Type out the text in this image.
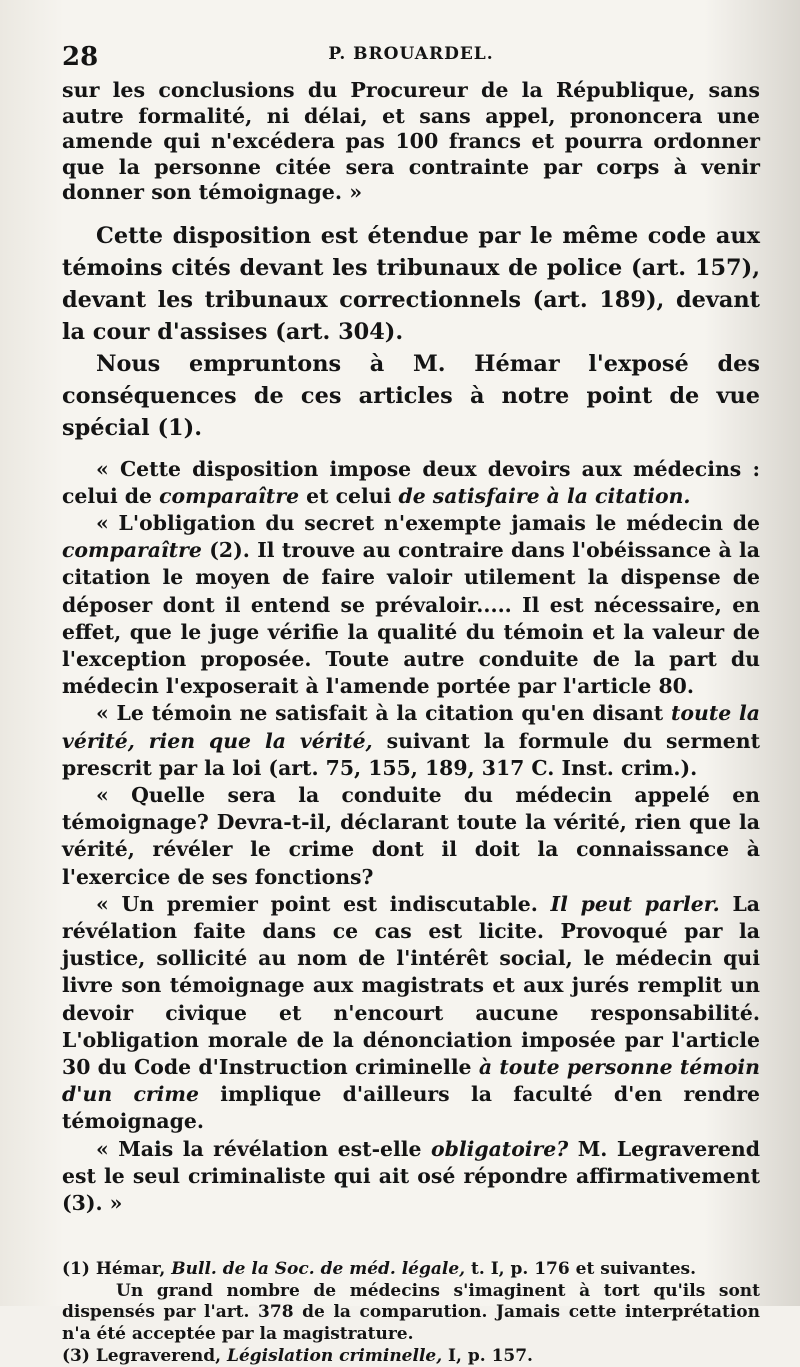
28	P. BROUARDEL.

sur les conclusions du Procureur de la République, sans autre formalité, ni délai, et sans appel, prononcera une amende qui n'excédera pas 100 francs et pourra ordonner que la personne citée sera contrainte par corps à venir donner son témoignage. »

Cette disposition est étendue par le même code aux témoins cités devant les tribunaux de police (art. 157), devant les tribunaux correctionnels (art. 189), devant la cour d'assises (art. 304).

Nous empruntons à M. Hémar l'exposé des conséquences de ces articles à notre point de vue spécial (1).

« Cette disposition impose deux devoirs aux médecins : celui de comparaître et celui de satisfaire à la citation.

« L'obligation du secret n'exempte jamais le médecin de comparaître (2). Il trouve au contraire dans l'obéissance à la citation le moyen de faire valoir utilement la dispense de déposer dont il entend se prévaloir..... Il est nécessaire, en effet, que le juge vérifie la qualité du témoin et la valeur de l'exception proposée. Toute autre conduite de la part du médecin l'exposerait à l'amende portée par l'article 80.

« Le témoin ne satisfait à la citation qu'en disant toute la vérité, rien que la vérité, suivant la formule du serment prescrit par la loi (art. 75, 155, 189, 317 C. Inst. crim.).

« Quelle sera la conduite du médecin appelé en témoignage? Devra-t-il, déclarant toute la vérité, rien que la vérité, révéler le crime dont il doit la connaissance à l'exercice de ses fonctions?

« Un premier point est indiscutable. Il peut parler. La révélation faite dans ce cas est licite. Provoqué par la justice, sollicité au nom de l'intérêt social, le médecin qui livre son témoignage aux magistrats et aux jurés remplit un devoir civique et n'encourt aucune responsabilité. L'obligation morale de la dénonciation imposée par l'article 30 du Code d'Instruction criminelle à toute personne témoin d'un crime implique d'ailleurs la faculté d'en rendre témoignage.

« Mais la révélation est-elle obligatoire? M. Legraverend est le seul criminaliste qui ait osé répondre affirmativement (3). »

(1) Hémar, Bull. de la Soc. de méd. légale, t. I, p. 176 et suivantes.

Un grand nombre de médecins s'imaginent à tort qu'ils sont dispensés par l'art. 378 de la comparution. Jamais cette interprétation n'a été acceptée par la magistrature.

(3) Legraverend, Législation criminelle, I, p. 157.
